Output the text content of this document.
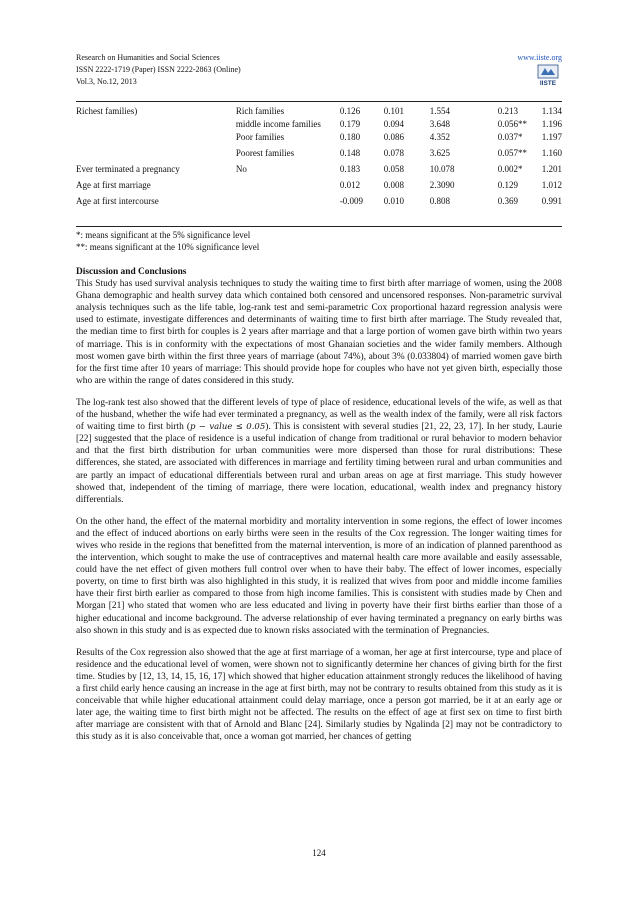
Research on Humanities and Social Sciences	www.iiste.org
ISSN 2222-1719 (Paper) ISSN 2222-2863 (Online)
Vol.3, No.12, 2013	IISTE
Richest families)	Rich families	0.126	0.101	1.554	0.213	1.134
	middle income families	0.179	0.094	3.648	0.056**	1.196
	Poor families	0.180	0.086	4.352	0.037*	1.197
	Poorest families	0.148	0.078	3.625	0.057**	1.160
Ever terminated a pregnancy	No	0.183	0.058	10.078	0.002*	1.201
Age at first marriage		0.012	0.008	2.3090	0.129	1.012
Age at first intercourse		-0.009	0.010	0.808	0.369	0.991
*: means significant at the 5% significance level
**: means significant at the 10% significance level
Discussion and Conclusions

This Study has used survival analysis techniques to study the waiting time to first birth after marriage of women, using the 2008 Ghana demographic and health survey data which contained both censored and uncensored responses. Non-parametric survival analysis techniques such as the life table, log-rank test and semi-parametric Cox proportional hazard regression analysis were used to estimate, investigate differences and determinants of waiting time to first birth after marriage. The Study revealed that, the median time to first birth for couples is 2 years after marriage and that a large portion of women gave birth within two years of marriage. This is in conformity with the expectations of most Ghanaian societies and the wider family members. Although most women gave birth within the first three years of marriage (about 74%), about 3% (0.033804) of married women gave birth for the first time after 10 years of marriage: This should provide hope for couples who have not yet given birth, especially those who are within the range of dates considered in this study.

The log-rank test also showed that the different levels of type of place of residence, educational levels of the wife, as well as that of the husband, whether the wife had ever terminated a pregnancy, as well as the wealth index of the family, were all risk factors of waiting time to first birth (p − value ≤ 0.05). This is consistent with several studies [21, 22, 23, 17]. In her study, Laurie [22] suggested that the place of residence is a useful indication of change from traditional or rural behavior to modern behavior and that the first birth distribution for urban communities were more dispersed than those for rural distributions: These differences, she stated, are associated with differences in marriage and fertility timing between rural and urban communities and are partly an impact of educational differentials between rural and urban areas on age at first marriage. This study however showed that, independent of the timing of marriage, there were location, educational, wealth index and pregnancy history differentials.

On the other hand, the effect of the maternal morbidity and mortality intervention in some regions, the effect of lower incomes and the effect of induced abortions on early births were seen in the results of the Cox regression. The longer waiting times for wives who reside in the regions that benefitted from the maternal intervention, is more of an indication of planned parenthood as the intervention, which sought to make the use of contraceptives and maternal health care more available and easily assessable, could have the net effect of given mothers full control over when to have their baby. The effect of lower incomes, especially poverty, on time to first birth was also highlighted in this study, it is realized that wives from poor and middle income families have their first birth earlier as compared to those from high income families. This is consistent with studies made by Chen and Morgan [21] who stated that women who are less educated and living in poverty have their first births earlier than those of a higher educational and income background. The adverse relationship of ever having terminated a pregnancy on early births was also shown in this study and is as expected due to known risks associated with the termination of Pregnancies.

Results of the Cox regression also showed that the age at first marriage of a woman, her age at first intercourse, type and place of residence and the educational level of women, were shown not to significantly determine her chances of giving birth for the first time. Studies by [12, 13, 14, 15, 16, 17] which showed that higher education attainment strongly reduces the likelihood of having a first child early hence causing an increase in the age at first birth, may not be contrary to results obtained from this study as it is conceivable that while higher educational attainment could delay marriage, once a person got married, be it at an early age or later age, the waiting time to first birth might not be affected. The results on the effect of age at first sex on time to first birth after marriage are consistent with that of Arnold and Blanc [24]. Similarly studies by Ngalinda [2] may not be contradictory to this study as it is also conceivable that, once a woman got married, her chances of getting

124
